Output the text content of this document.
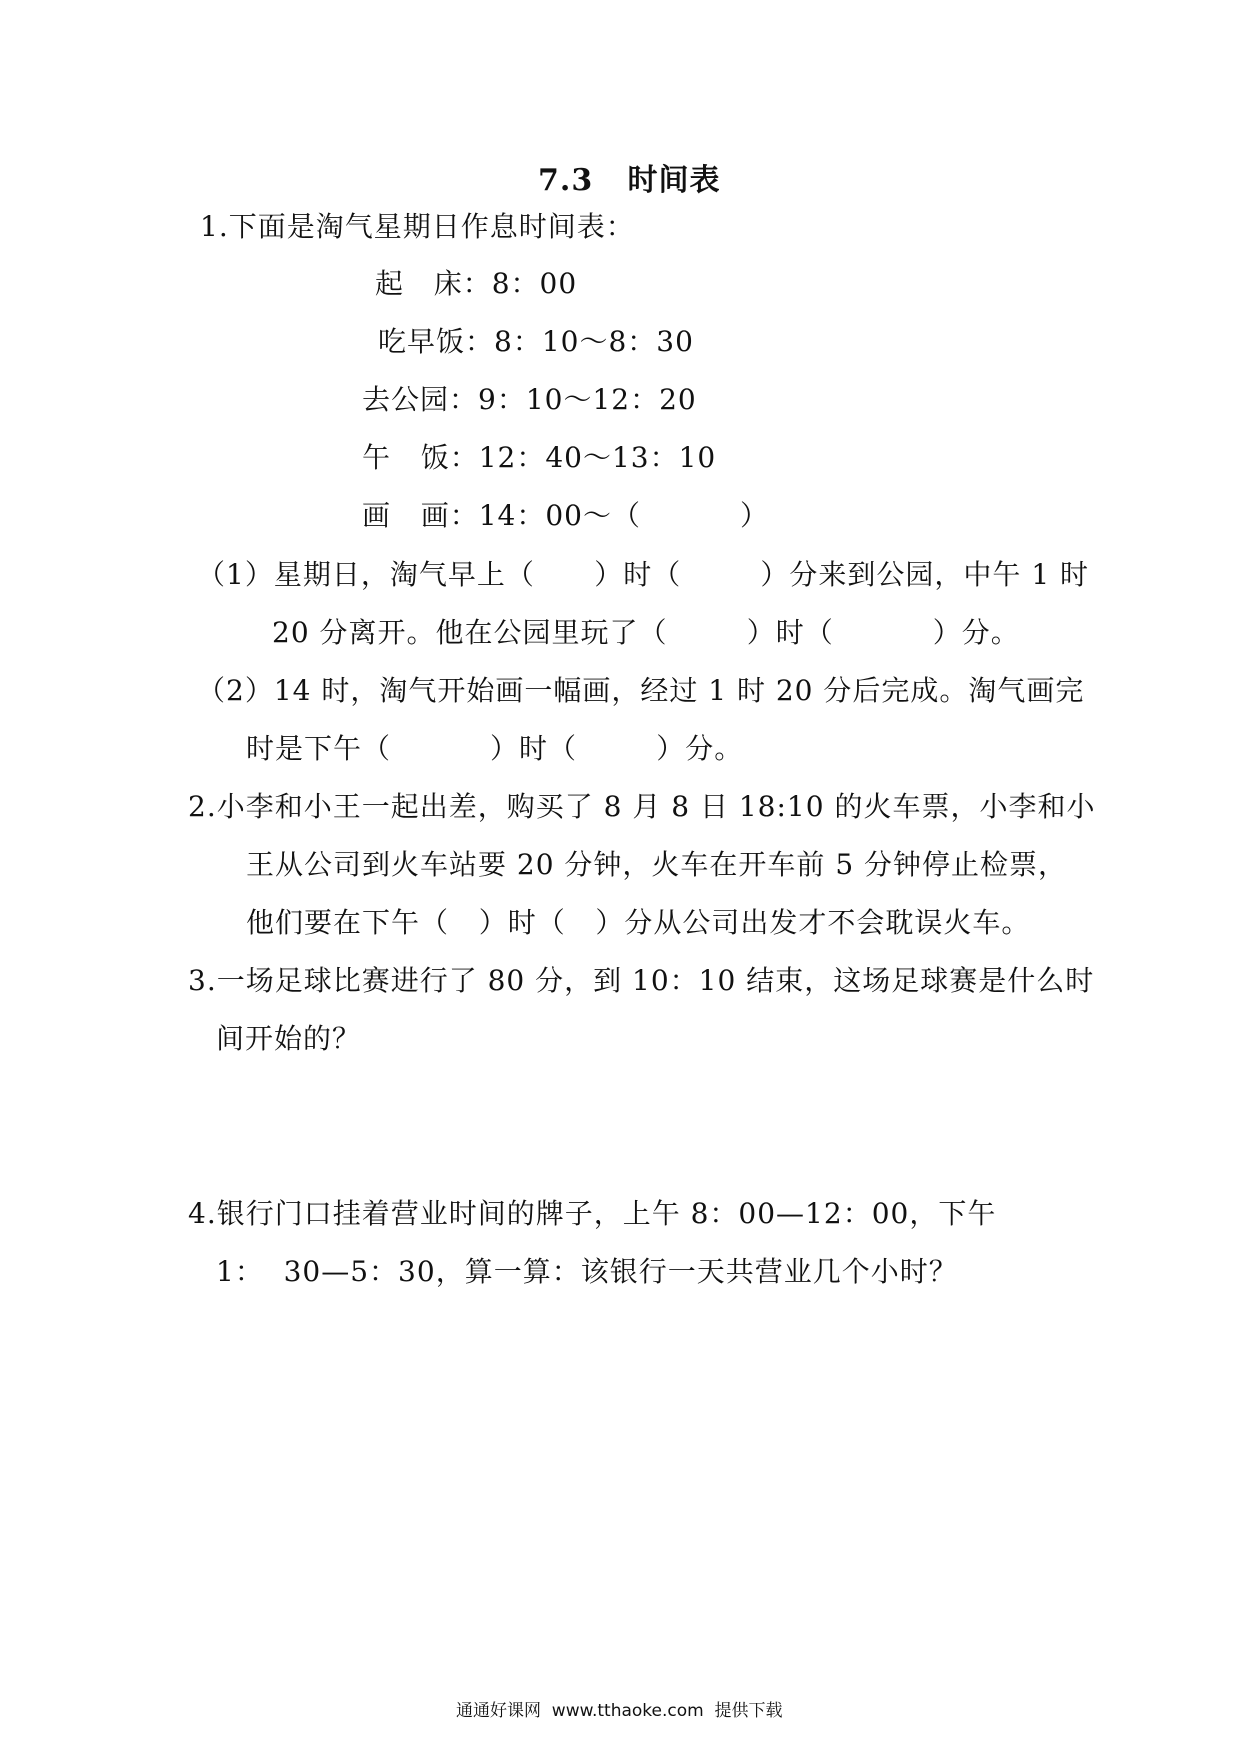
7.3   时间表
1.下面是淘气星期日作息时间表：
起   床：8：00
吃早饭：8：10～8：30
去公园：9：10～12：20
午   饭：12：40～13：10
画   画：14：00～（          ）
（1）星期日，淘气早上（      ）时（        ）分来到公园，中午 1 时
20 分离开。他在公园里玩了（        ）时（          ）分。
（2）14 时，淘气开始画一幅画，经过 1 时 20 分后完成。淘气画完
时是下午（          ）时（        ）分。
2.小李和小王一起出差，购买了 8 月 8 日 18:10 的火车票，小李和小
王从公司到火车站要 20 分钟，火车在开车前 5 分钟停止检票，
他们要在下午（   ）时（   ）分从公司出发才不会耽误火车。
3.一场足球比赛进行了 80 分，到 10：10 结束，这场足球赛是什么时
间开始的？
4.银行门口挂着营业时间的牌子，上午 8：00—12：00，下午
1：  30—5：30，算一算：该银行一天共营业几个小时？
通通好课网  www.tthaoke.com  提供下载
